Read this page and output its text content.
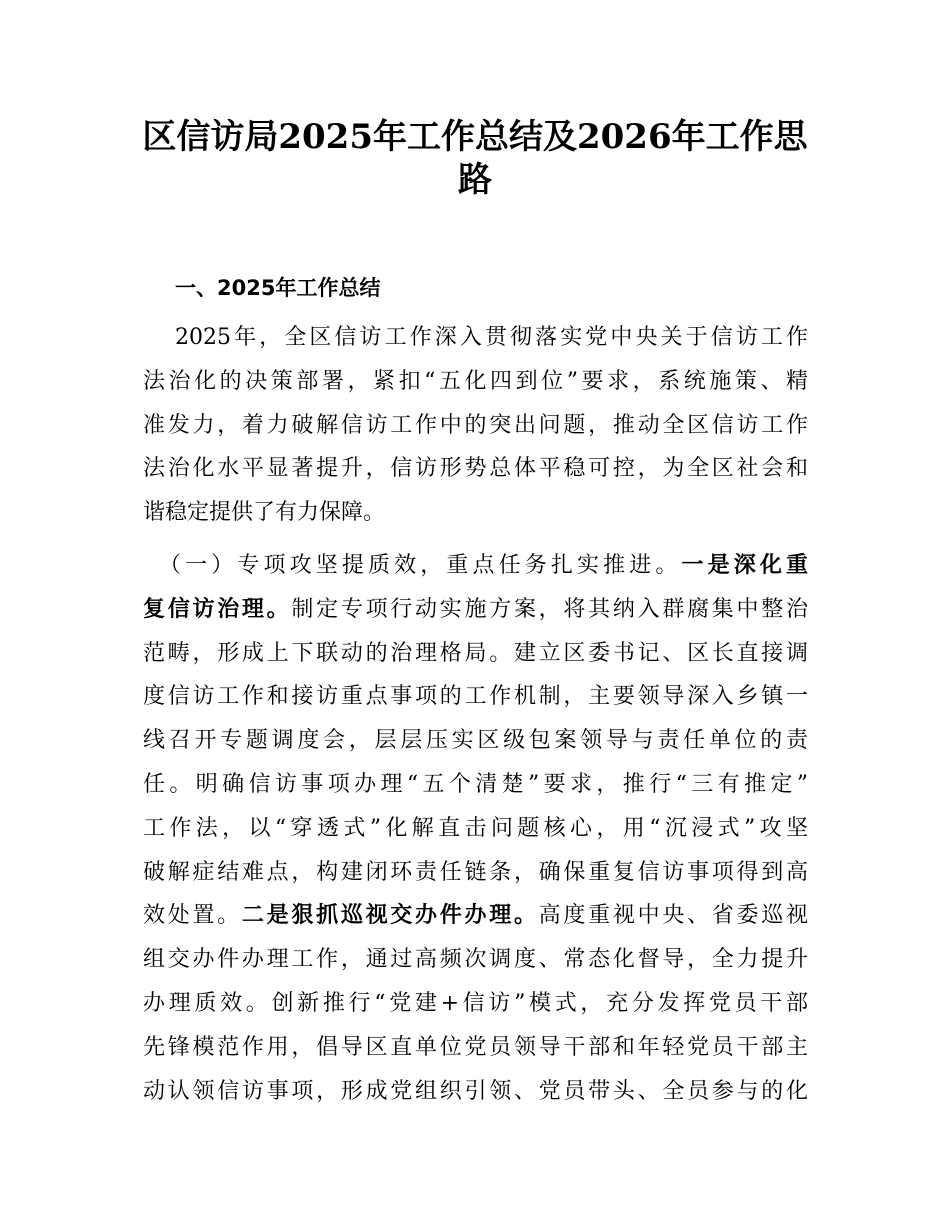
区信访局2025年工作总结及2026年工作思
路
一、2025年工作总结
2025年，全区信访工作深入贯彻落实党中央关于信访工作
法治化的决策部署，紧扣“五化四到位”要求，系统施策、精
准发力，着力破解信访工作中的突出问题，推动全区信访工作
法治化水平显著提升，信访形势总体平稳可控，为全区社会和
谐稳定提供了有力保障。
（一）专项攻坚提质效，重点任务扎实推进。一是深化重
复信访治理。制定专项行动实施方案，将其纳入群腐集中整治
范畴，形成上下联动的治理格局。建立区委书记、区长直接调
度信访工作和接访重点事项的工作机制，主要领导深入乡镇一
线召开专题调度会，层层压实区级包案领导与责任单位的责
任。明确信访事项办理“五个清楚”要求，推行“三有推定”
工作法，以“穿透式”化解直击问题核心，用“沉浸式”攻坚
破解症结难点，构建闭环责任链条，确保重复信访事项得到高
效处置。二是狠抓巡视交办件办理。高度重视中央、省委巡视
组交办件办理工作，通过高频次调度、常态化督导，全力提升
办理质效。创新推行“党建+信访”模式，充分发挥党员干部
先锋模范作用，倡导区直单位党员领导干部和年轻党员干部主
动认领信访事项，形成党组织引领、党员带头、全员参与的化
